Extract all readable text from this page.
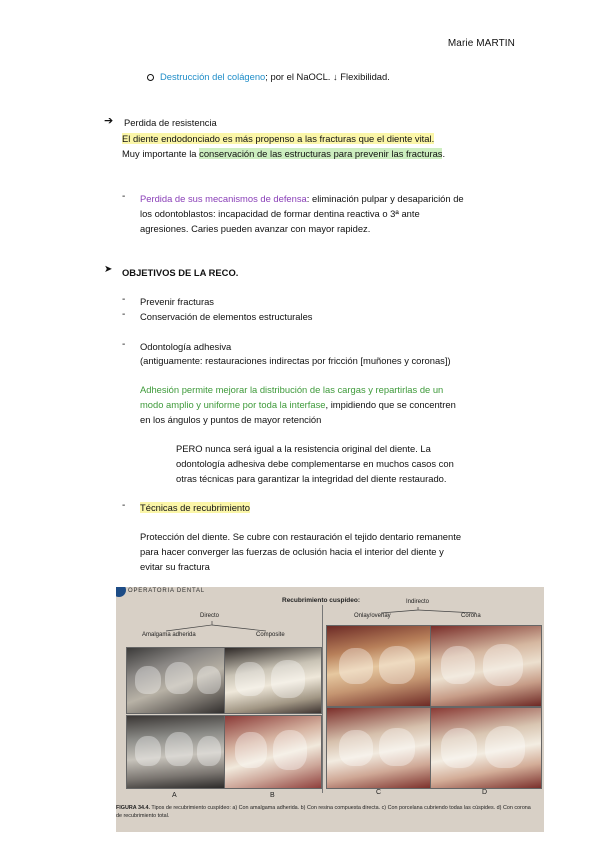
Marie MARTIN
Destrucción del colágeno; por el NaOCL. ↓ Flexibilidad.
➔ Perdida de resistencia
El diente endodonciado es más propenso a las fracturas que el diente vital.
Muy importante la conservación de las estructuras para prevenir las fracturas.
- Perdida de sus mecanismos de defensa: eliminación pulpar y desaparición de
los odontoblastos: incapacidad de formar dentina reactiva o 3ª ante
agresiones. Caries pueden avanzar con mayor rapidez.
➤ OBJETIVOS DE LA RECO.
- Prevenir fracturas
- Conservación de elementos estructurales
- Odontología adhesiva
(antiguamente: restauraciones indirectas por fricción [muñones y coronas])
Adhesión permite mejorar la distribución de las cargas y repartirlas de un
modo amplio y uniforme por toda la interfase, impidiendo que se concentren
en los ángulos y puntos de mayor retención
PERO nunca será igual a la resistencia original del diente. La
odontología adhesiva debe complementarse en muchos casos con
otras técnicas para garantizar la integridad del diente restaurado.
- Técnicas de recubrimiento
Protección del diente. Se cubre con restauración el tejido dentario remanente
para hacer converger las fuerzas de oclusión hacia el interior del diente y
evitar su fractura
OPERATORIA DENTAL
Recubrimiento cuspídeo:
Directo
Indirecto
Amalgama adherida	Composite
Onlay/overlay	Corona
A	B	C	D
FIGURA 34.4. Tipos de recubrimiento cuspídeo: a) Con amalgama adherida. b) Con resina compuesta directa. c) Con porcelana cubriendo todas las cúspides. d) Con corona de recubrimiento total.
